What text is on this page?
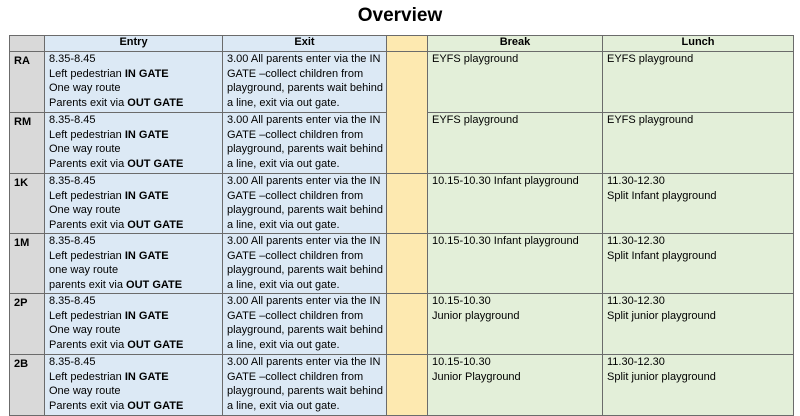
Overview
	Entry	Exit		Break	Lunch
RA	8.35-8.45
Left pedestrian IN GATE
One way route
Parents exit via OUT GATE	3.00 All parents enter via the IN GATE –collect children from playground, parents wait behind a line, exit via out gate.		EYFS playground	EYFS playground

RM	8.35-8.45
Left pedestrian IN GATE
One way route
Parents exit via OUT GATE	3.00 All parents enter via the IN GATE –collect children from playground, parents wait behind a line, exit via out gate.		EYFS playground	EYFS playground

1K	8.35-8.45
Left pedestrian IN GATE
One way route
Parents exit via OUT GATE	3.00 All parents enter via the IN GATE –collect children from playground, parents wait behind a line, exit via out gate.		10.15-10.30 Infant playground	11.30-12.30
Split Infant playground

1M	8.35-8.45
Left pedestrian IN GATE
one way route
parents exit via OUT GATE	3.00 All parents enter via the IN GATE –collect children from playground, parents wait behind a line, exit via out gate.		10.15-10.30 Infant playground	11.30-12.30
Split Infant playground

2P	8.35-8.45
Left pedestrian IN GATE
One way route
Parents exit via OUT GATE	3.00 All parents enter via the IN GATE –collect children from playground, parents wait behind a line, exit via out gate.		10.15-10.30
Junior playground	11.30-12.30
Split junior playground

2B	8.35-8.45
Left pedestrian IN GATE
One way route
Parents exit via OUT GATE	3.00 All parents enter via the IN GATE –collect children from playground, parents wait behind a line, exit via out gate.		10.15-10.30
Junior Playground	11.30-12.30
Split junior playground
